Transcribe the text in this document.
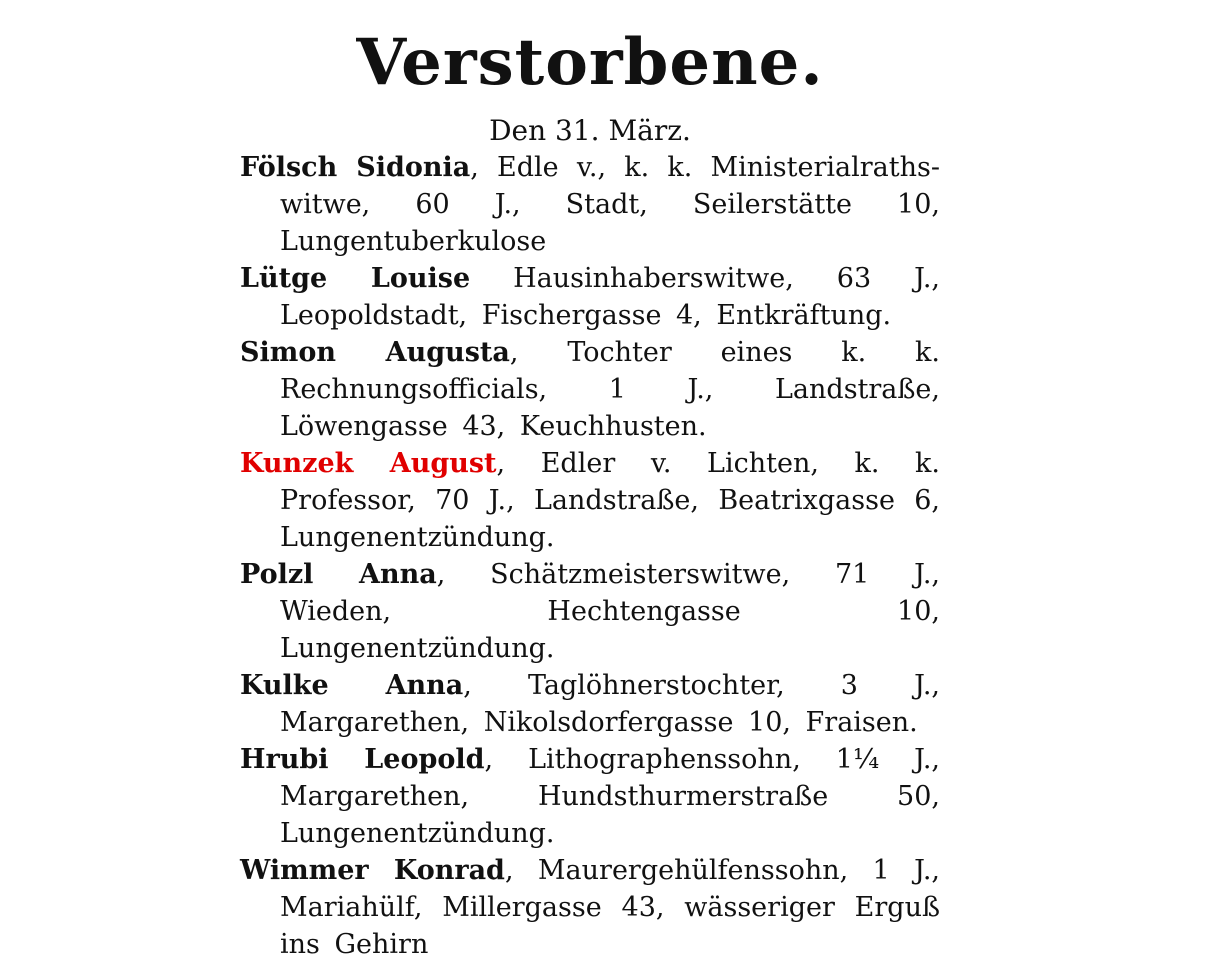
Verstorbene.

Den 31. März.

Fölsch Sidonia, Edle v., k. k. Ministerialrathswitwe, 60 J., Stadt, Seilerstätte 10, Lungentuberkulose
Lütge Louise Hausinhaberswitwe, 63 J., Leopoldstadt, Fischergasse 4, Entkräftung.
Simon Augusta, Tochter eines k. k. Rechnungsofficials, 1 J., Landstraße, Löwengasse 43, Keuchhusten.
Kunzek August, Edler v. Lichten, k. k. Professor, 70 J., Landstraße, Beatrixgasse 6, Lungenentzündung.
Polzl Anna, Schätzmeisterswitwe, 71 J., Wieden, Hechtengasse 10, Lungenentzündung.
Kulke Anna, Taglöhnerstochter, 3 J., Margarethen, Nikolsdorfergasse 10, Fraisen.
Hrubi Leopold, Lithographenssohn, 1¼ J., Margarethen, Hundsthurmerstraße 50, Lungenentzündung.
Wimmer Konrad, Maurergehülfenssohn, 1 J., Mariahülf, Millergasse 43, wässeriger Erguß ins Gehirn
